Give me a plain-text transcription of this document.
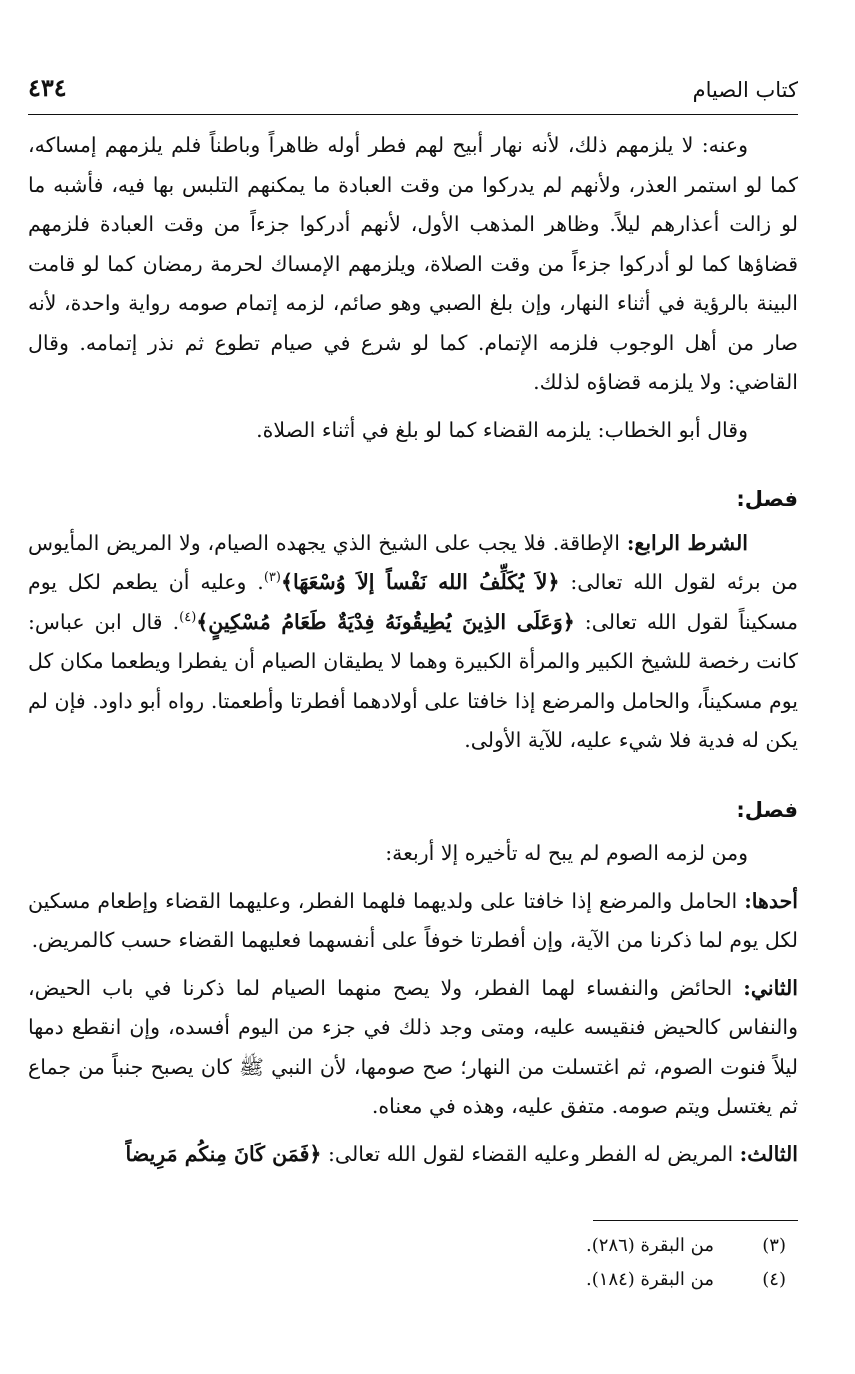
كتاب الصيام
٤٣٤

وعنه: لا يلزمهم ذلك، لأنه نهار أبيح لهم فطر أوله ظاهراً وباطناً فلم يلزمهم إمساكه، كما لو استمر العذر، ولأنهم لم يدركوا من وقت العبادة ما يمكنهم التلبس بها فيه، فأشبه ما لو زالت أعذارهم ليلاً. وظاهر المذهب الأول، لأنهم أدركوا جزءاً من وقت العبادة فلزمهم قضاؤها كما لو أدركوا جزءاً من وقت الصلاة، ويلزمهم الإمساك لحرمة رمضان كما لو قامت البينة بالرؤية في أثناء النهار، وإن بلغ الصبي وهو صائم، لزمه إتمام صومه رواية واحدة، لأنه صار من أهل الوجوب فلزمه الإتمام. كما لو شرع في صيام تطوع ثم نذر إتمامه. وقال القاضي: ولا يلزمه قضاؤه لذلك.

وقال أبو الخطاب: يلزمه القضاء كما لو بلغ في أثناء الصلاة.

فصل:

الشرط الرابع: الإطاقة. فلا يجب على الشيخ الذي يجهده الصيام، ولا المريض المأيوس من برئه لقول الله تعالى: ﴿لاَ يُكَلِّفُ الله نَفْساً إلاَ وُسْعَهَا﴾$^{(٣)}$. وعليه أن يطعم لكل يوم مسكيناً لقول الله تعالى: ﴿وَعَلَى الذِينَ يُطِيقُونَهُ فِدْيَةٌ طَعَامُ مُسْكِينٍ﴾$^{(٤)}$. قال ابن عباس: كانت رخصة للشيخ الكبير والمرأة الكبيرة وهما لا يطيقان الصيام أن يفطرا ويطعما مكان كل يوم مسكيناً، والحامل والمرضع إذا خافتا على أولادهما أفطرتا وأطعمتا. رواه أبو داود. فإن لم يكن له فدية فلا شيء عليه، للآية الأولى.

فصل:

ومن لزمه الصوم لم يبح له تأخيره إلا أربعة:

أحدها: الحامل والمرضع إذا خافتا على ولديهما فلهما الفطر، وعليهما القضاء وإطعام مسكين لكل يوم لما ذكرنا من الآية، وإن أفطرتا خوفاً على أنفسهما فعليهما القضاء حسب كالمريض.

الثاني: الحائض والنفساء لهما الفطر، ولا يصح منهما الصيام لما ذكرنا في باب الحيض، والنفاس كالحيض فنقيسه عليه، ومتى وجد ذلك في جزء من اليوم أفسده، وإن انقطع دمها ليلاً فنوت الصوم، ثم اغتسلت من النهار؛ صح صومها، لأن النبي ﷺ كان يصبح جنباً من جماع ثم يغتسل ويتم صومه. متفق عليه، وهذه في معناه.

الثالث: المريض له الفطر وعليه القضاء لقول الله تعالى: ﴿فَمَن كَانَ مِنكُم مَرِيضاً

(٣)
من البقرة (٢٨٦).
(٤)
من البقرة (١٨٤).
